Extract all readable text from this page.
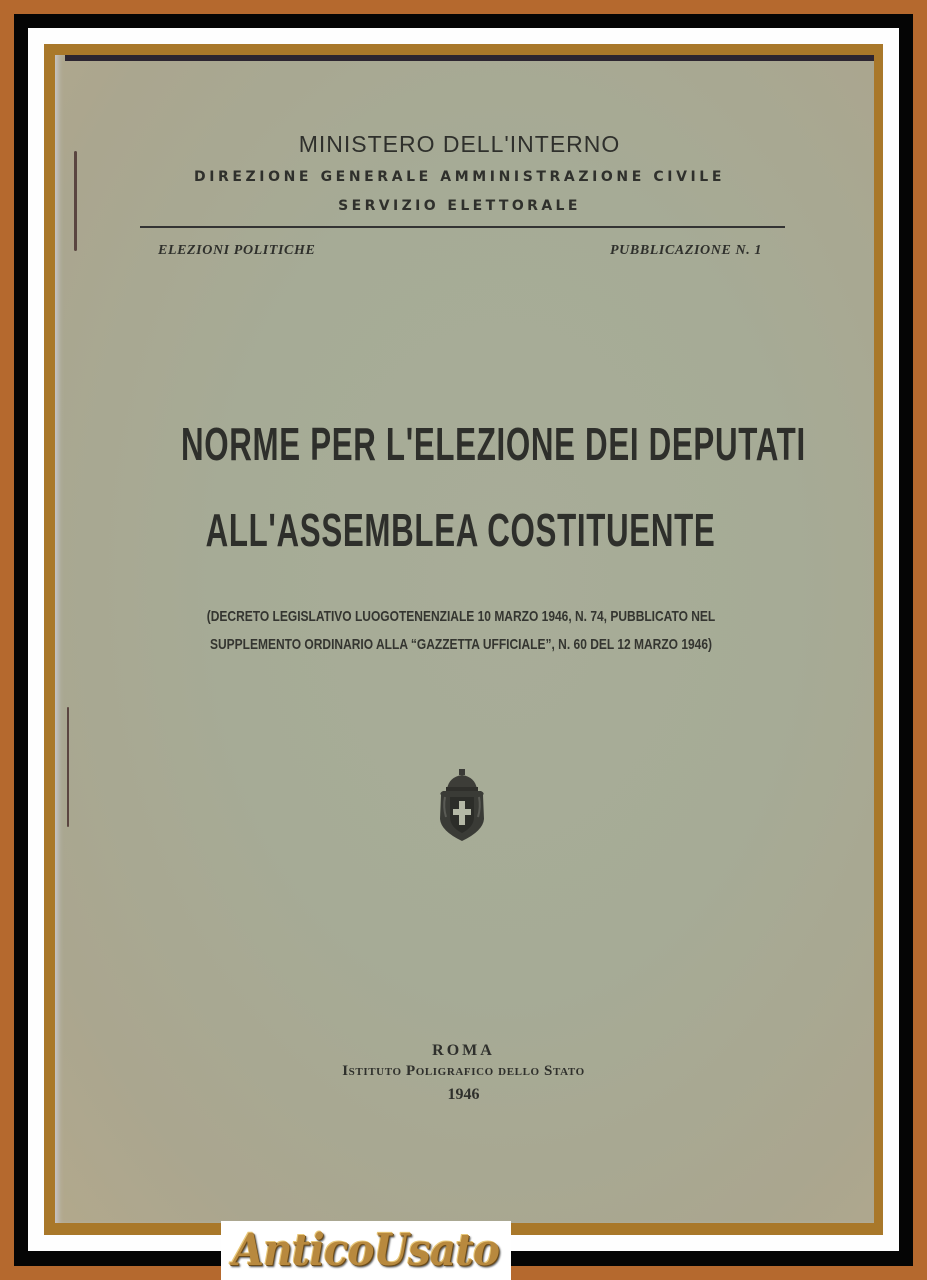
MINISTERO DELL'INTERNO
DIREZIONE GENERALE AMMINISTRAZIONE CIVILE
SERVIZIO ELETTORALE
ELEZIONI POLITICHE	PUBBLICAZIONE N. 1
NORME PER L'ELEZIONE DEI DEPUTATI
ALL'ASSEMBLEA COSTITUENTE
(DECRETO LEGISLATIVO LUOGOTENENZIALE 10 MARZO 1946, N. 74, PUBBLICATO NEL
SUPPLEMENTO ORDINARIO ALLA “GAZZETTA UFFICIALE”, N. 60 DEL 12 MARZO 1946)
ROMA
Istituto Poligrafico dello Stato
1946
AnticoUsato
